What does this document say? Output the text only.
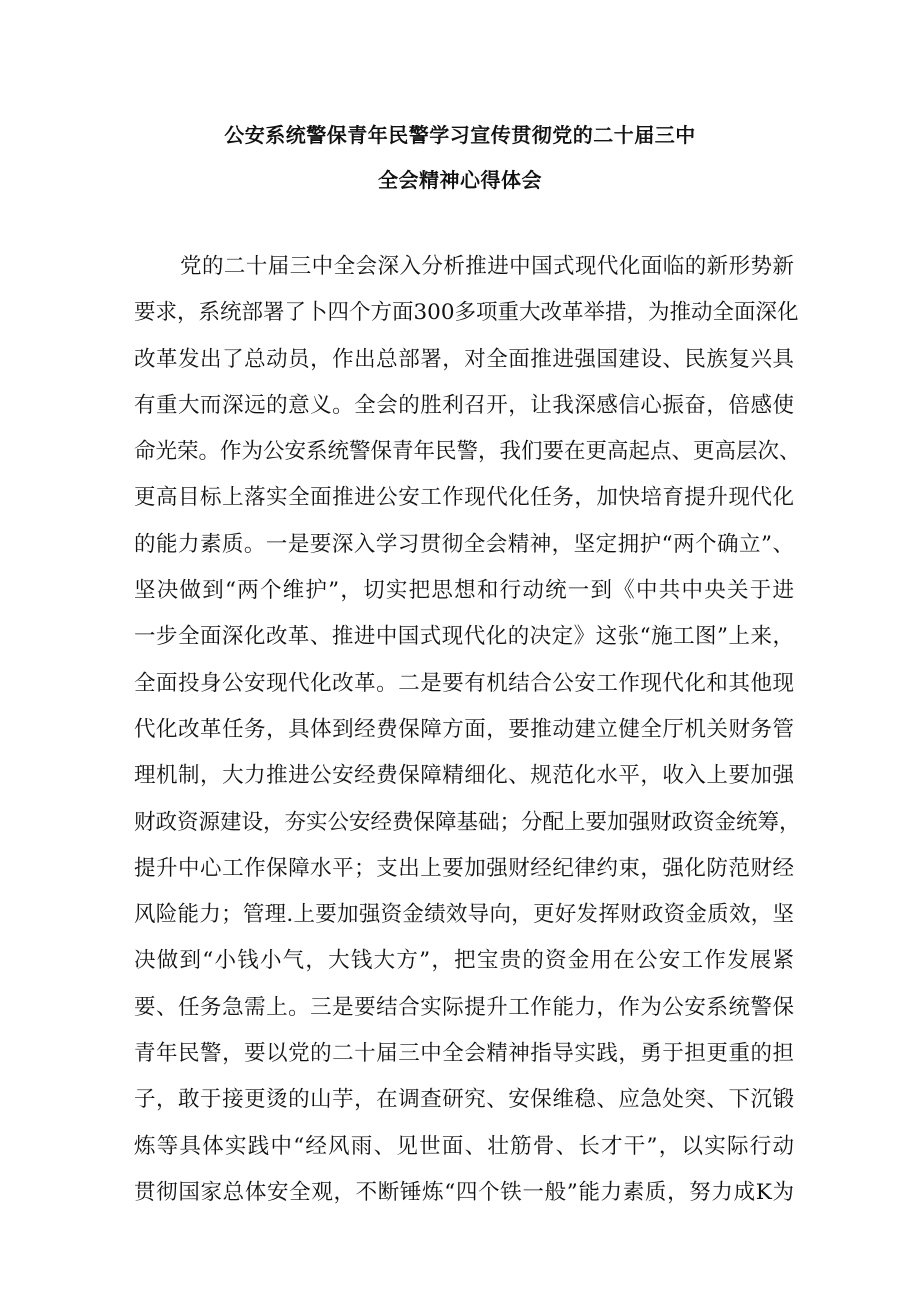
公安系统警保青年民警学习宣传贯彻党的二十届三中
全会精神心得体会
党的二十届三中全会深入分析推进中国式现代化面临的新形势新
要求，系统部署了卜四个方面300多项重大改革举措，为推动全面深化
改革发出了总动员，作出总部署，对全面推进强国建设、民族复兴具
有重大而深远的意义。全会的胜利召开，让我深感信心振奋，倍感使
命光荣。作为公安系统警保青年民警，我们要在更高起点、更高层次、
更高目标上落实全面推进公安工作现代化任务，加快培育提升现代化
的能力素质。一是要深入学习贯彻全会精神，坚定拥护“两个确立”、
坚决做到“两个维护”，切实把思想和行动统一到《中共中央关于进
一步全面深化改革、推进中国式现代化的决定》这张“施工图”上来，
全面投身公安现代化改革。二是要有机结合公安工作现代化和其他现
代化改革任务，具体到经费保障方面，要推动建立健全厅机关财务管
理机制，大力推进公安经费保障精细化、规范化水平，收入上要加强
财政资源建设，夯实公安经费保障基础；分配上要加强财政资金统筹，
提升中心工作保障水平；支出上要加强财经纪律约束，强化防范财经
风险能力；管理.上要加强资金绩效导向，更好发挥财政资金质效，坚
决做到“小钱小气，大钱大方”，把宝贵的资金用在公安工作发展紧
要、任务急需上。三是要结合实际提升工作能力，作为公安系统警保
青年民警，要以党的二十届三中全会精神指导实践，勇于担更重的担
子，敢于接更烫的山芋，在调查研究、安保维稳、应急处突、下沉锻
炼等具体实践中“经风雨、见世面、壮筋骨、长才干”，以实际行动
贯彻国家总体安全观，不断锤炼“四个铁一般”能力素质，努力成K为
